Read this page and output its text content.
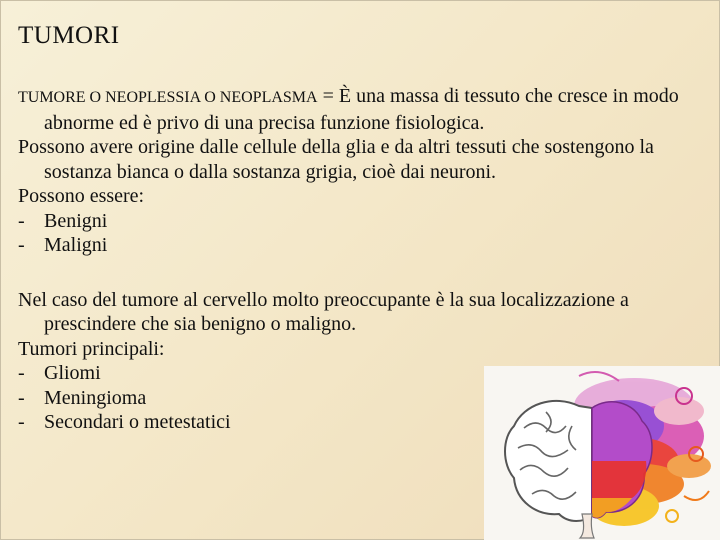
TUMORI

TUMORE O NEOPLESSIA O NEOPLASMA = È una massa di tessuto che cresce in modo abnorme ed è privo di una precisa funzione fisiologica.

Possono avere origine dalle cellule della glia e da altri tessuti che sostengono la sostanza bianca o dalla sostanza grigia, cioè dai neuroni.

Possono essere:

- Benigni

- Maligni

Nel caso del tumore al cervello molto preoccupante è la sua localizzazione a prescindere che sia benigno o maligno.

Tumori principali:

- Gliomi

- Meningioma

- Secondari o metestatici
